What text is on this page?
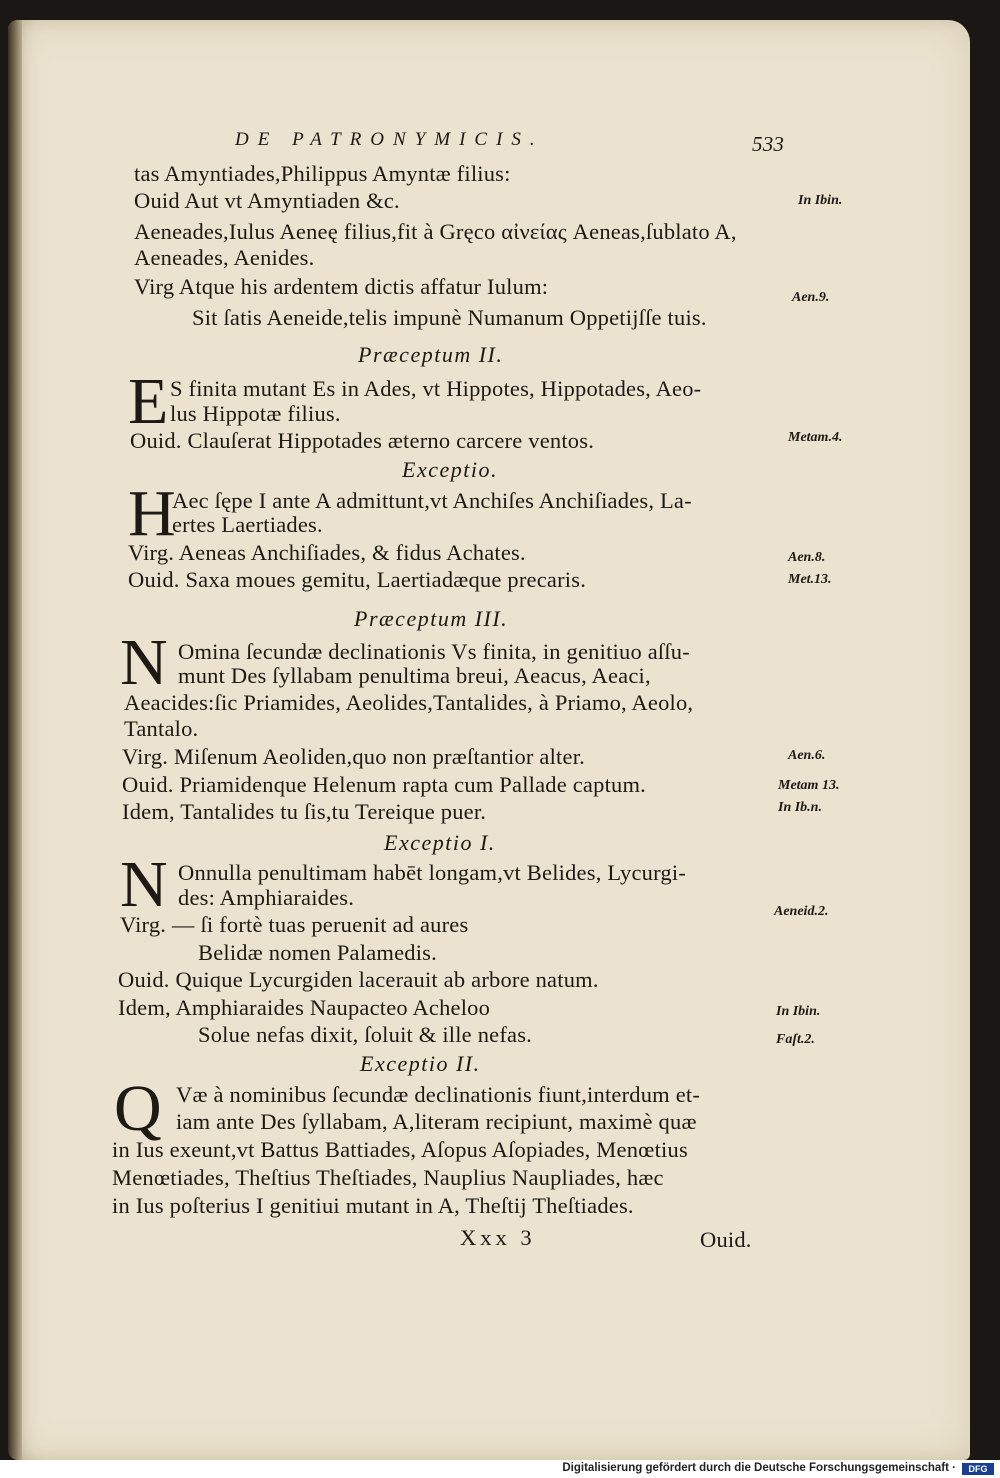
DE PATRONYMICIS.	533
tas Amyntiades,Philippus Amyntæ filius:
Ouid Aut vt Amyntiaden &c.
Aeneades,Iulus Aeneę filius,fit à Gręco αἰνείας Aeneas,ſublato A,
Aeneades, Aenides.
Virg Atque his ardentem dictis affatur Iulum:
Sit ſatis Aeneide,telis impunè Numanum Oppetijſſe tuis.
Præceptum II.
E S finita mutant Es in Ades, vt Hippotes, Hippotades, Aeo-
lus Hippotæ filius.
Ouid. Clauſerat Hippotades æterno carcere ventos.
Exceptio.
H
Aec ſępe I ante A admittunt,vt Anchiſes Anchiſiades, La-
ertes Laertiades.
Virg. Aeneas Anchiſiades, & fidus Achates.
Ouid. Saxa moues gemitu, Laertiadæque precaris.
Præceptum III.
N Omina ſecundæ declinationis Vs finita, in genitiuo aſſu-
munt Des ſyllabam penultima breui, Aeacus, Aeaci,
Aeacides:ſic Priamides, Aeolides,Tantalides, à Priamo, Aeolo,
Tantalo.
Virg. Miſenum Aeoliden,quo non præſtantior alter.
Ouid. Priamidenque Helenum rapta cum Pallade captum.
Idem, Tantalides tu ſis,tu Tereique puer.
Exceptio I.
N Onnulla penultimam habēt longam,vt Belides, Lycurgi-
des: Amphiaraides.
Virg. — ſi fortè tuas peruenit ad aures
Belidæ nomen Palamedis.
Ouid. Quique Lycurgiden lacerauit ab arbore natum.
Idem, Amphiaraides Naupacteo Acheloo
Solue nefas dixit, ſoluit & ille nefas.
Exceptio II.
Q Væ à nominibus ſecundæ declinationis fiunt,interdum et-
iam ante Des ſyllabam, A,literam recipiunt, maximè quæ
in Ius exeunt,vt Battus Battiades, Aſopus Aſopiades, Menœtius
Menœtiades, Theſtius Theſtiades, Nauplius Naupliades, hæc
in Ius poſterius I genitiui mutant in A, Theſtij Theſtiades.
Xxx 3	Ouid.
In Ibin.
Aen.9.
Metam.4.
Aen.8.
Met.13.
Aen.6.
Metam 13.
In Ib.n.
Aeneid.2.
In Ibin.
Faſt.2.
Digitalisierung gefördert durch die Deutsche Forschungsgemeinschaft ·	DFG
